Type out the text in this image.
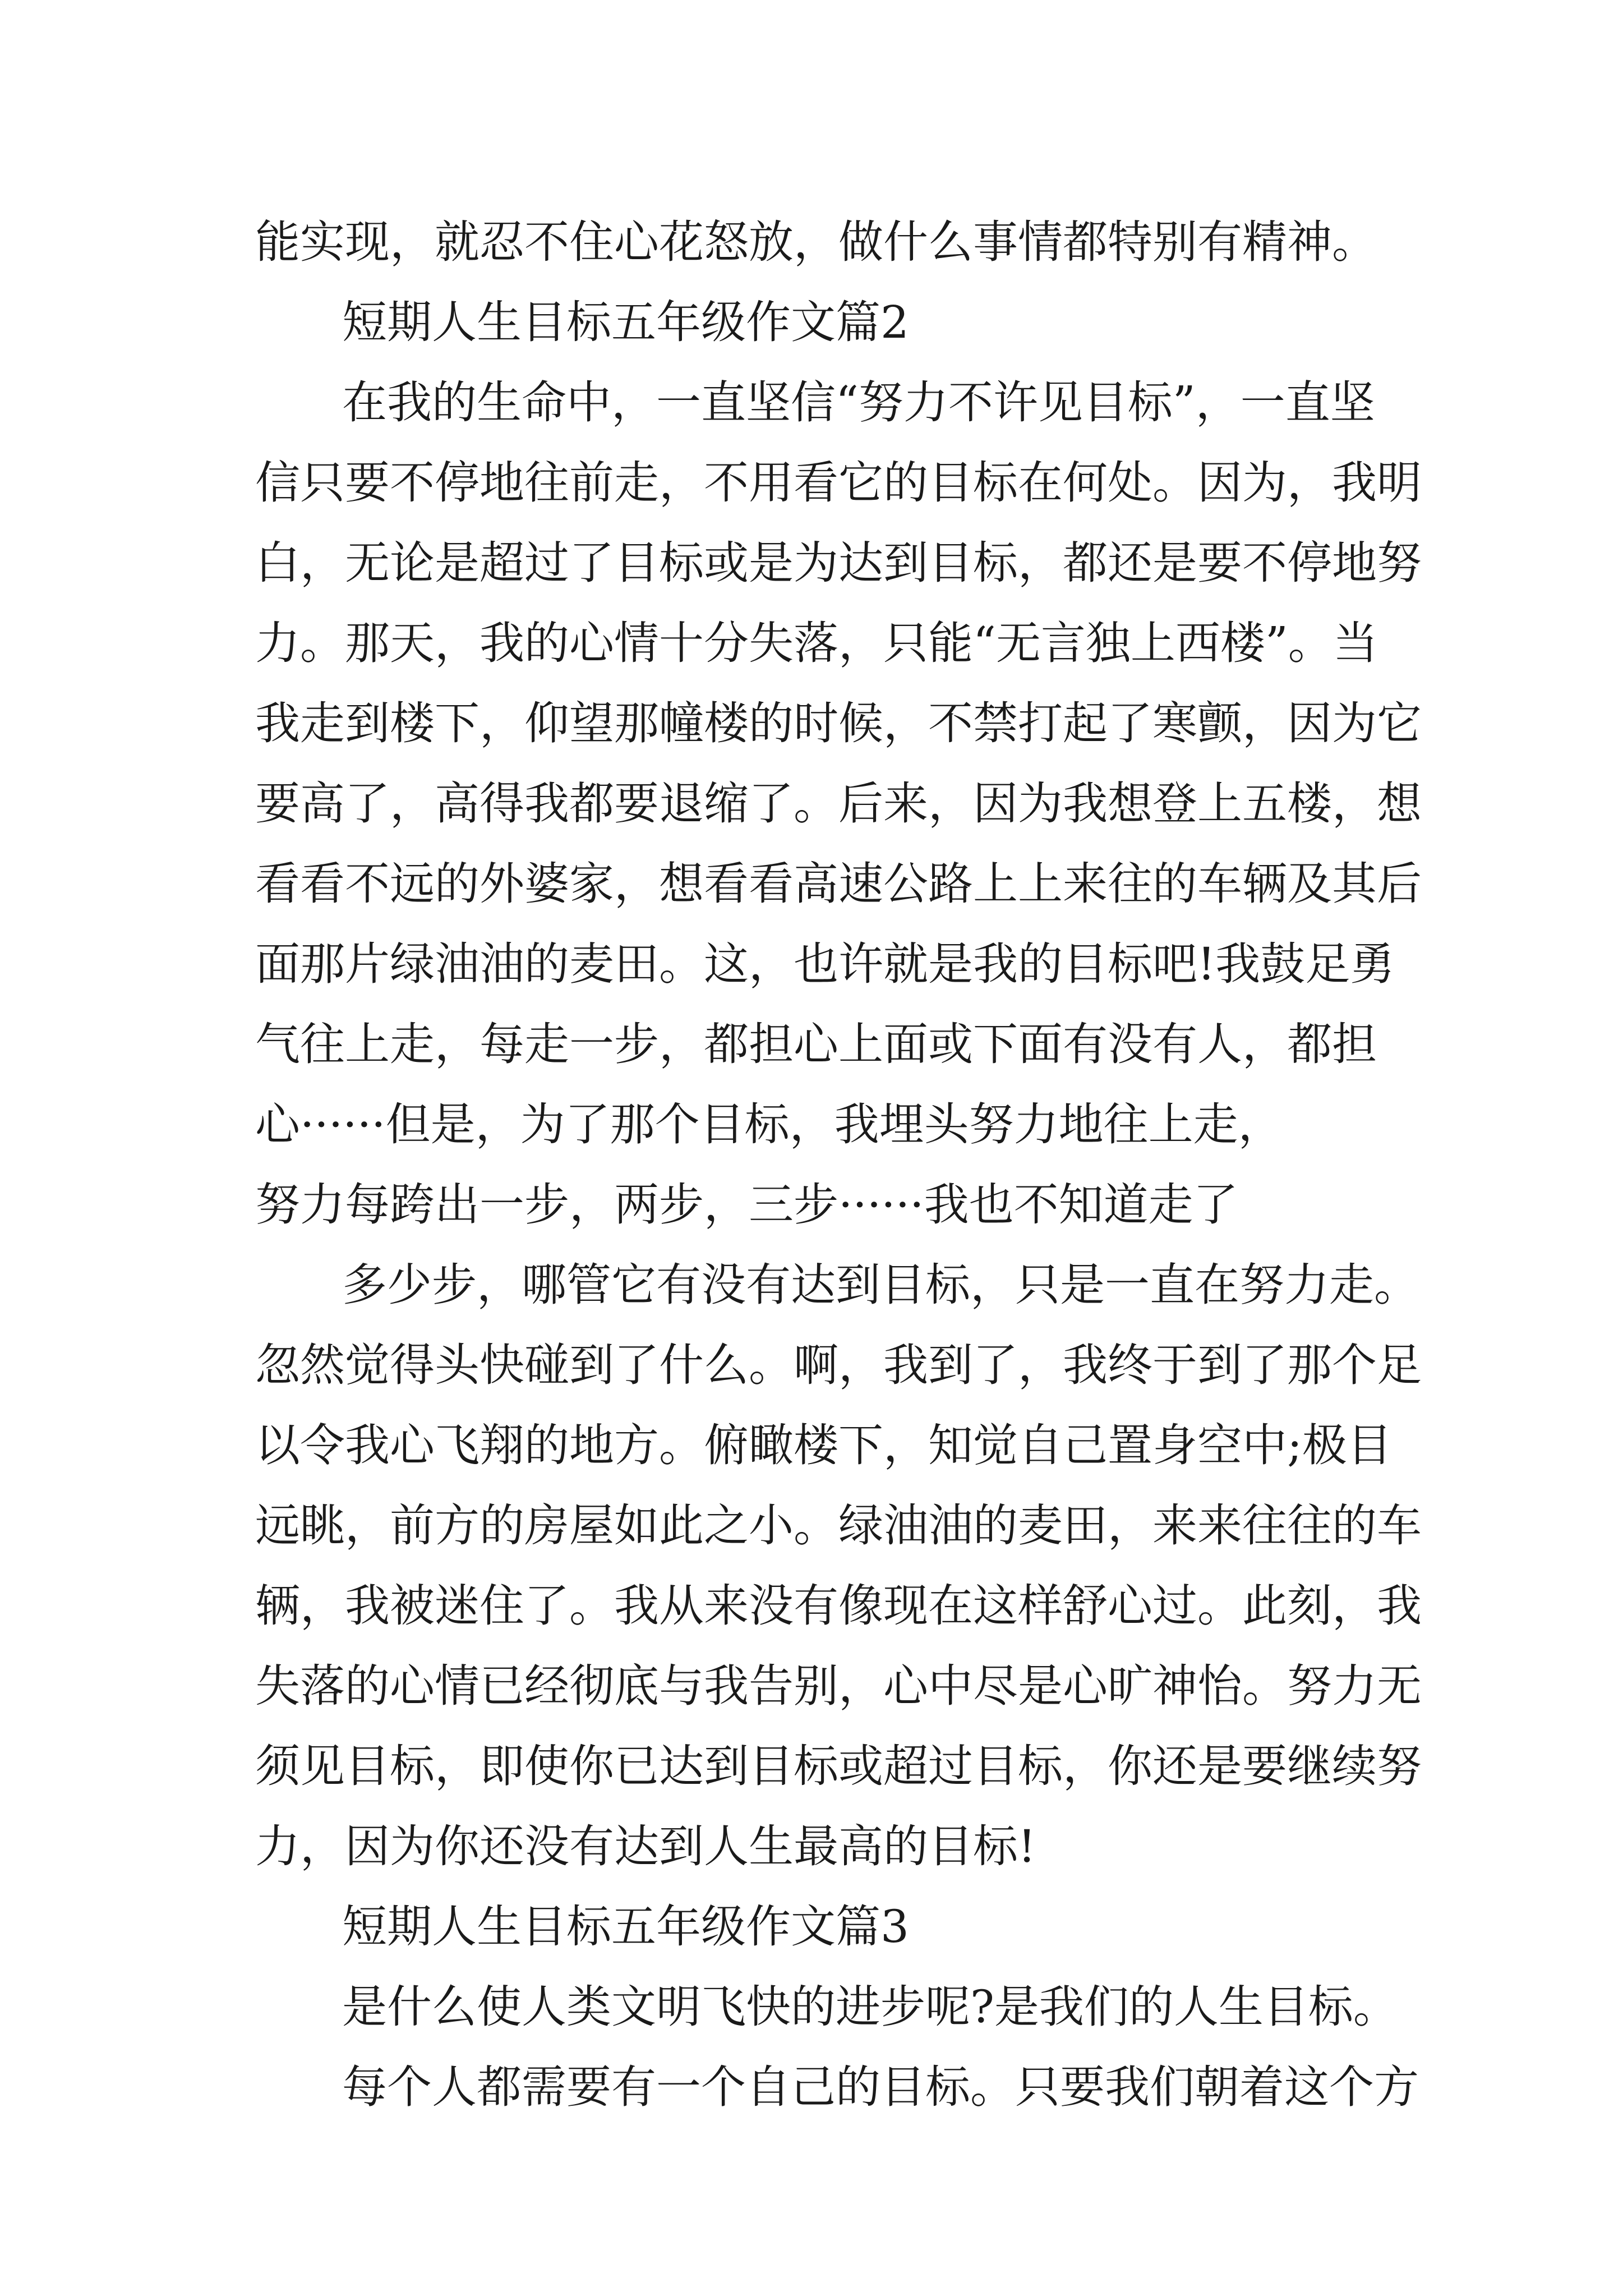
能实现，就忍不住心花怒放，做什么事情都特别有精神。
短期人生目标五年级作文篇2
在我的生命中，一直坚信“努力不许见目标”，一直坚
信只要不停地往前走，不用看它的目标在何处。因为，我明
白，无论是超过了目标或是为达到目标，都还是要不停地努
力。那天，我的心情十分失落，只能“无言独上西楼”。当
我走到楼下，仰望那幢楼的时候，不禁打起了寒颤，因为它
要高了，高得我都要退缩了。后来，因为我想登上五楼，想
看看不远的外婆家，想看看高速公路上上来往的车辆及其后
面那片绿油油的麦田。这，也许就是我的目标吧!我鼓足勇
气往上走，每走一步，都担心上面或下面有没有人，都担
心······但是，为了那个目标，我埋头努力地往上走，
努力每跨出一步，两步，三步······我也不知道走了
多少步，哪管它有没有达到目标，只是一直在努力走。
忽然觉得头快碰到了什么。啊，我到了，我终于到了那个足
以令我心飞翔的地方。俯瞰楼下，知觉自己置身空中;极目
远眺，前方的房屋如此之小。绿油油的麦田，来来往往的车
辆，我被迷住了。我从来没有像现在这样舒心过。此刻，我
失落的心情已经彻底与我告别，心中尽是心旷神怡。努力无
须见目标，即使你已达到目标或超过目标，你还是要继续努
力，因为你还没有达到人生最高的目标!
短期人生目标五年级作文篇3
是什么使人类文明飞快的进步呢?是我们的人生目标。
每个人都需要有一个自己的目标。只要我们朝着这个方
